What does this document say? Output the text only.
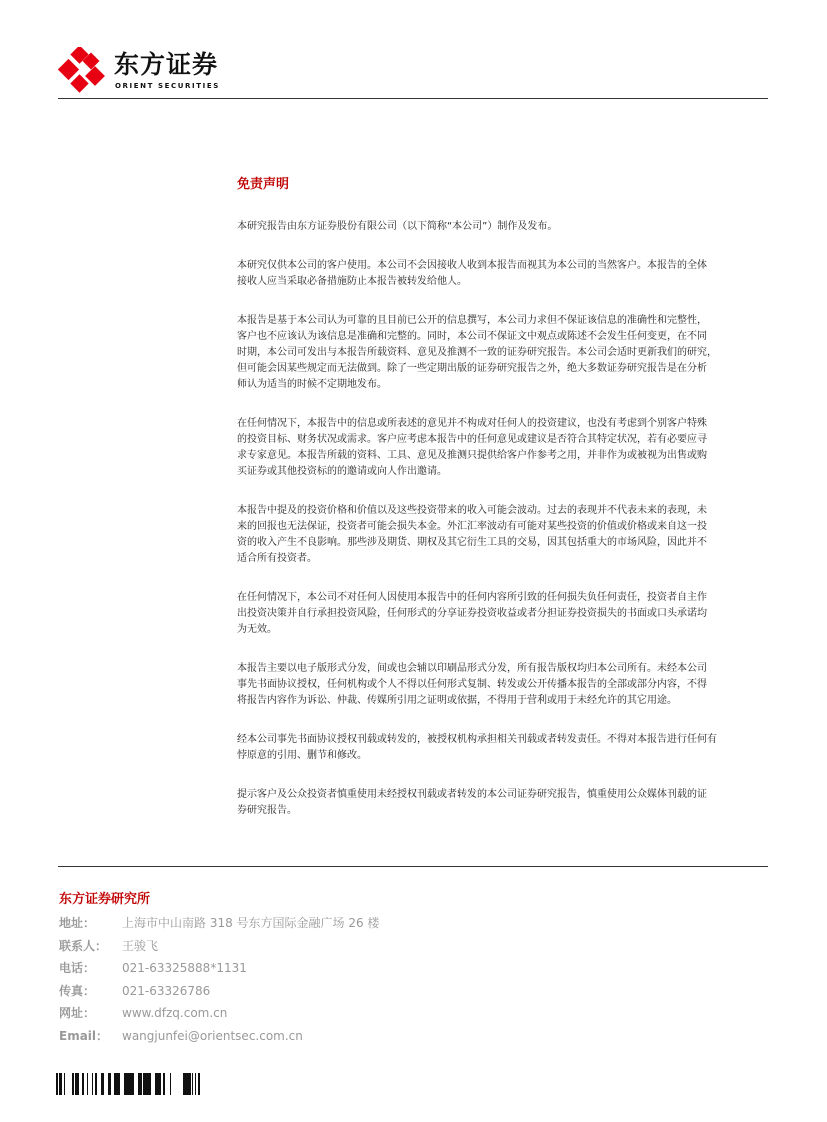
东方证券
ORIENT SECURITIES
免责声明

本研究报告由东方证券股份有限公司（以下简称“本公司”）制作及发布。

本研究仅供本公司的客户使用。本公司不会因接收人收到本报告而视其为本公司的当然客户。本报告的全体
接收人应当采取必备措施防止本报告被转发给他人。

本报告是基于本公司认为可靠的且目前已公开的信息撰写，本公司力求但不保证该信息的准确性和完整性，
客户也不应该认为该信息是准确和完整的。同时，本公司不保证文中观点或陈述不会发生任何变更，在不同
时期，本公司可发出与本报告所载资料、意见及推测不一致的证券研究报告。本公司会适时更新我们的研究，
但可能会因某些规定而无法做到。除了一些定期出版的证券研究报告之外，绝大多数证券研究报告是在分析
师认为适当的时候不定期地发布。

在任何情况下，本报告中的信息或所表述的意见并不构成对任何人的投资建议，也没有考虑到个别客户特殊
的投资目标、财务状况或需求。客户应考虑本报告中的任何意见或建议是否符合其特定状况，若有必要应寻
求专家意见。本报告所载的资料、工具、意见及推测只提供给客户作参考之用，并非作为或被视为出售或购
买证券或其他投资标的的邀请或向人作出邀请。

本报告中提及的投资价格和价值以及这些投资带来的收入可能会波动。过去的表现并不代表未来的表现，未
来的回报也无法保证，投资者可能会损失本金。外汇汇率波动有可能对某些投资的价值或价格或来自这一投
资的收入产生不良影响。那些涉及期货、期权及其它衍生工具的交易，因其包括重大的市场风险，因此并不
适合所有投资者。

在任何情况下，本公司不对任何人因使用本报告中的任何内容所引致的任何损失负任何责任，投资者自主作
出投资决策并自行承担投资风险，任何形式的分享证券投资收益或者分担证券投资损失的书面或口头承诺均
为无效。

本报告主要以电子版形式分发，间或也会辅以印刷品形式分发，所有报告版权均归本公司所有。未经本公司
事先书面协议授权，任何机构或个人不得以任何形式复制、转发或公开传播本报告的全部或部分内容，不得
将报告内容作为诉讼、仲裁、传媒所引用之证明或依据，不得用于营利或用于未经允许的其它用途。

经本公司事先书面协议授权刊载或转发的，被授权机构承担相关刊载或者转发责任。不得对本报告进行任何有
悖原意的引用、删节和修改。

提示客户及公众投资者慎重使用未经授权刊载或者转发的本公司证券研究报告，慎重使用公众媒体刊载的证
券研究报告。

东方证券研究所
地址： 上海市中山南路 318 号东方国际金融广场 26 楼
联系人： 王骏飞
电话： 021-63325888*1131
传真： 021-63326786
网址： www.dfzq.com.cn
Email： wangjunfei@orientsec.com.cn
